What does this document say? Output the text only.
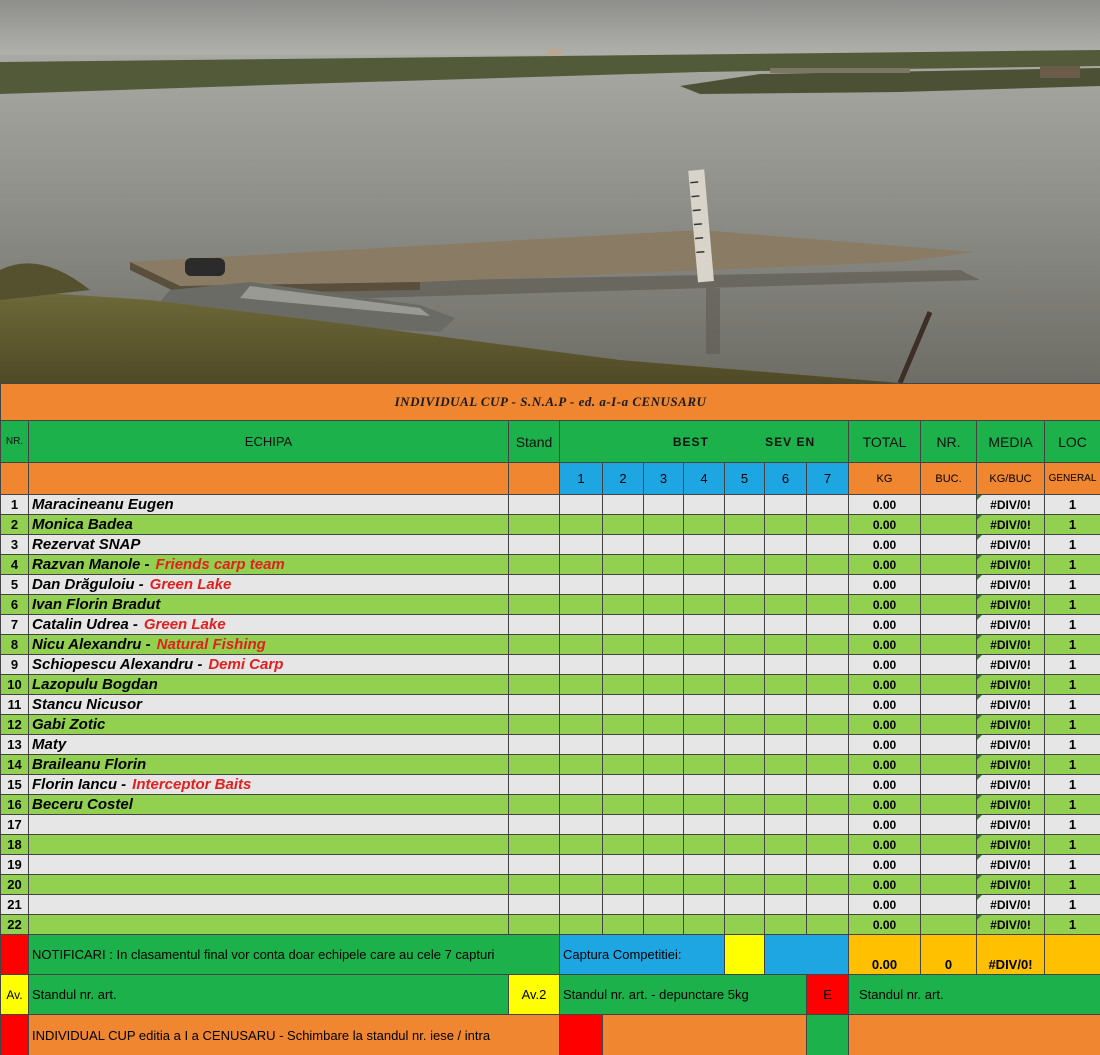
INDIVIDUAL CUP - S.N.A.P - ed. a-I-a CENUSARU													
NR.	ECHIPA	Stand	BEST SEV EN							TOTAL	NR.	MEDIA	LOC
			1	2	3	4	5	6	7	KG	BUC.	KG/BUC	GENERAL
1	Maracineanu Eugen									0.00		#DIV/0!	1
2	Monica Badea									0.00		#DIV/0!	1
3	Rezervat SNAP									0.00		#DIV/0!	1
4	Razvan Manole - Friends carp team									0.00		#DIV/0!	1
5	Dan Drăguloiu - Green Lake									0.00		#DIV/0!	1
6	Ivan Florin Bradut									0.00		#DIV/0!	1
7	Catalin Udrea - Green Lake									0.00		#DIV/0!	1
8	Nicu Alexandru - Natural Fishing									0.00		#DIV/0!	1
9	Schiopescu Alexandru - Demi Carp									0.00		#DIV/0!	1
10	Lazopulu Bogdan									0.00		#DIV/0!	1
11	Stancu Nicusor									0.00		#DIV/0!	1
12	Gabi Zotic									0.00		#DIV/0!	1
13	Maty									0.00		#DIV/0!	1
14	Braileanu Florin									0.00		#DIV/0!	1
15	Florin Iancu - Interceptor Baits									0.00		#DIV/0!	1
16	Beceru Costel									0.00		#DIV/0!	1
17										0.00		#DIV/0!	1
18										0.00		#DIV/0!	1
19										0.00		#DIV/0!	1
20										0.00		#DIV/0!	1
21										0.00		#DIV/0!	1
22										0.00		#DIV/0!	1
	NOTIFICARI : In clasamentul final vor conta doar echipele care au cele 7 capturi		Captura Competitiei:							0.00	0	#DIV/0!	
Av.	Standul nr. art.	Av.2	Standul nr. art. - depunctare 5kg						E	Standul nr. art.			
	INDIVIDUAL CUP editia a I a CENUSARU - Schimbare la standul nr. iese / intra												
